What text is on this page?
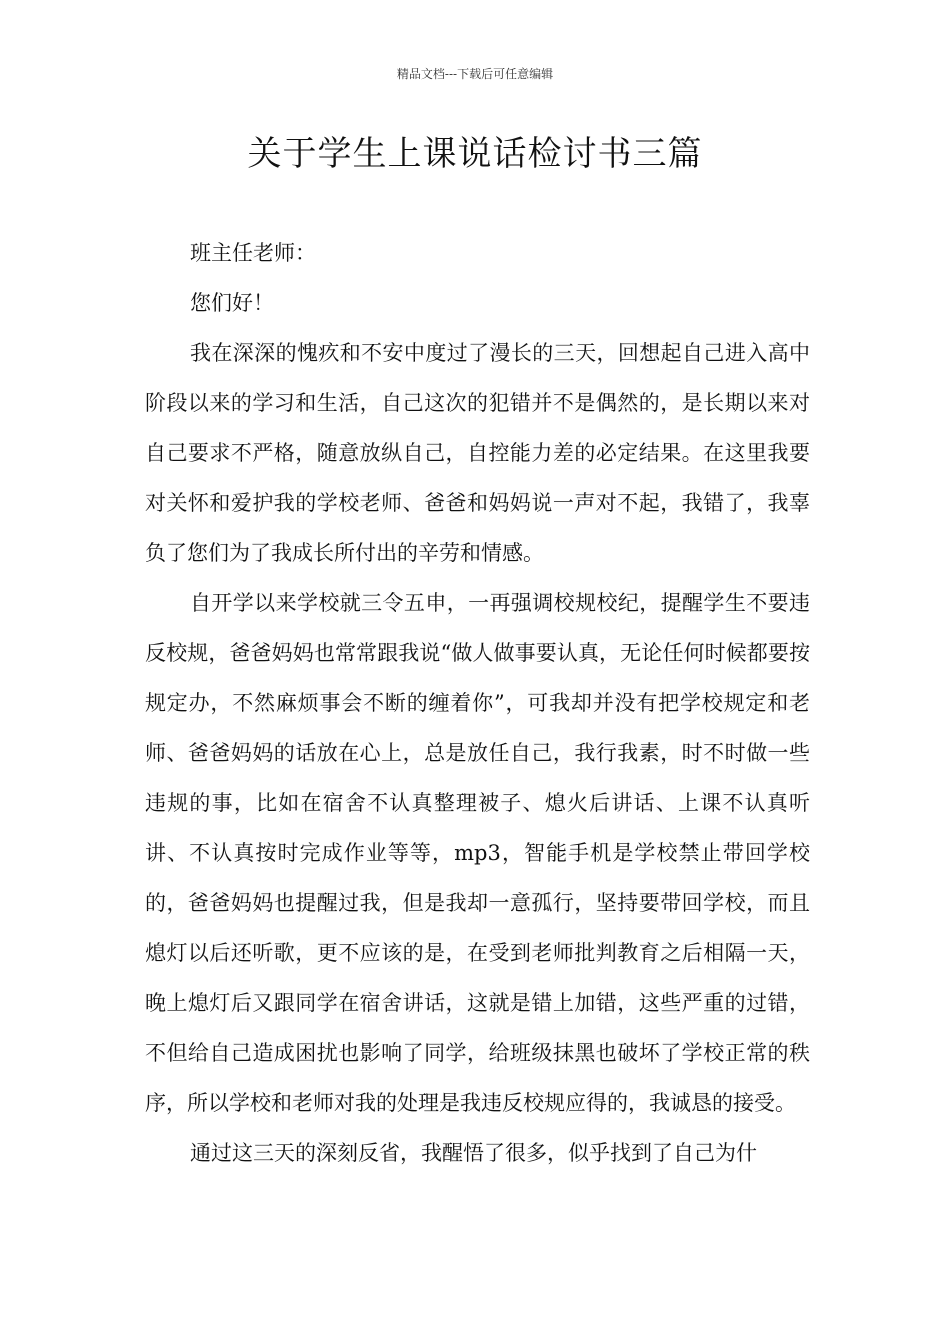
精品文档---下载后可任意编辑
关于学生上课说话检讨书三篇

班主任老师：

您们好！

我在深深的愧疚和不安中度过了漫长的三天，回想起自己进入高中阶段以来的学习和生活，自己这次的犯错并不是偶然的，是长期以来对自己要求不严格，随意放纵自己，自控能力差的必定结果。在这里我要对关怀和爱护我的学校老师、爸爸和妈妈说一声对不起，我错了，我辜负了您们为了我成长所付出的辛劳和情感。

自开学以来学校就三令五申，一再强调校规校纪，提醒学生不要违反校规，爸爸妈妈也常常跟我说“做人做事要认真，无论任何时候都要按规定办，不然麻烦事会不断的缠着你”，可我却并没有把学校规定和老师、爸爸妈妈的话放在心上，总是放任自己，我行我素，时不时做一些违规的事，比如在宿舍不认真整理被子、熄火后讲话、上课不认真听讲、不认真按时完成作业等等，mp3，智能手机是学校禁止带回学校的，爸爸妈妈也提醒过我，但是我却一意孤行，坚持要带回学校，而且熄灯以后还听歌，更不应该的是，在受到老师批判教育之后相隔一天，晚上熄灯后又跟同学在宿舍讲话，这就是错上加错，这些严重的过错，不但给自己造成困扰也影响了同学，给班级抹黑也破坏了学校正常的秩序，所以学校和老师对我的处理是我违反校规应得的，我诚恳的接受。

通过这三天的深刻反省，我醒悟了很多，似乎找到了自己为什
